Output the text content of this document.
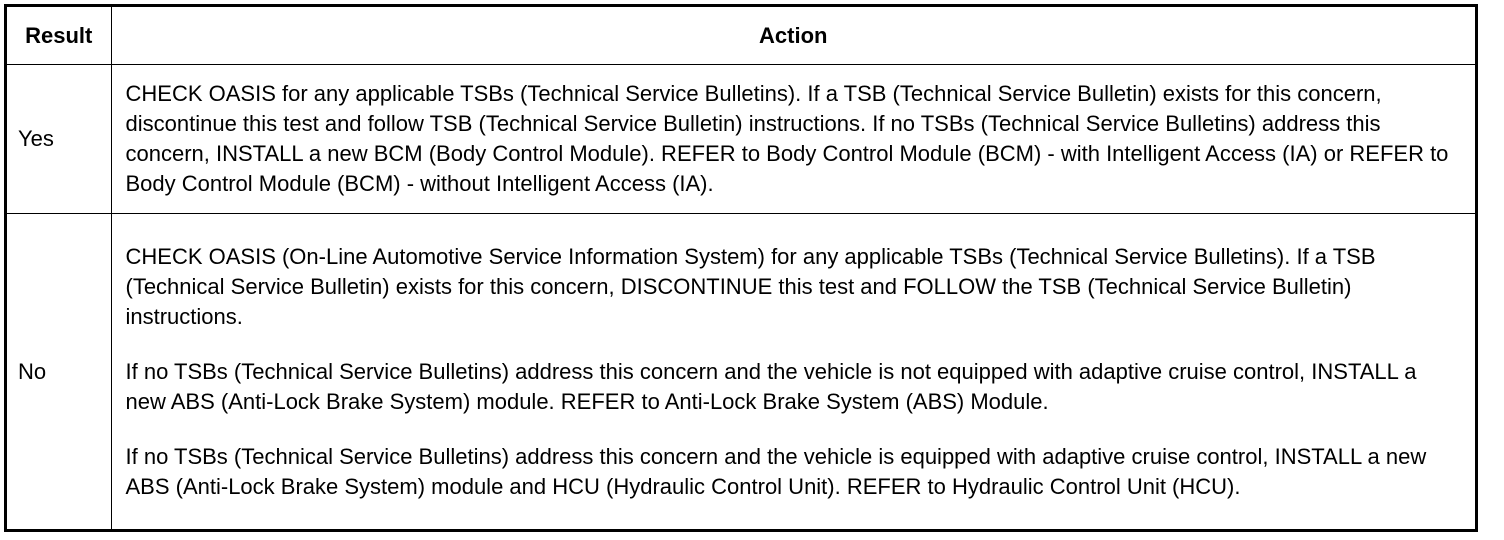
Result	Action
Yes	CHECK OASIS for any applicable TSBs (Technical Service Bulletins). If a TSB (Technical Service Bulletin) exists for this concern, discontinue this test and follow TSB (Technical Service Bulletin) instructions. If no TSBs (Technical Service Bulletins) address this concern, INSTALL a new BCM (Body Control Module). REFER to Body Control Module (BCM) - with Intelligent Access (IA) or REFER to Body Control Module (BCM) - without Intelligent Access (IA).

No	CHECK OASIS (On-Line Automotive Service Information System) for any applicable TSBs (Technical Service Bulletins). If a TSB (Technical Service Bulletin) exists for this concern, DISCONTINUE this test and FOLLOW the TSB (Technical Service Bulletin) instructions.

If no TSBs (Technical Service Bulletins) address this concern and the vehicle is not equipped with adaptive cruise control, INSTALL a new ABS (Anti-Lock Brake System) module. REFER to Anti-Lock Brake System (ABS) Module.

If no TSBs (Technical Service Bulletins) address this concern and the vehicle is equipped with adaptive cruise control, INSTALL a new ABS (Anti-Lock Brake System) module and HCU (Hydraulic Control Unit). REFER to Hydraulic Control Unit (HCU).
